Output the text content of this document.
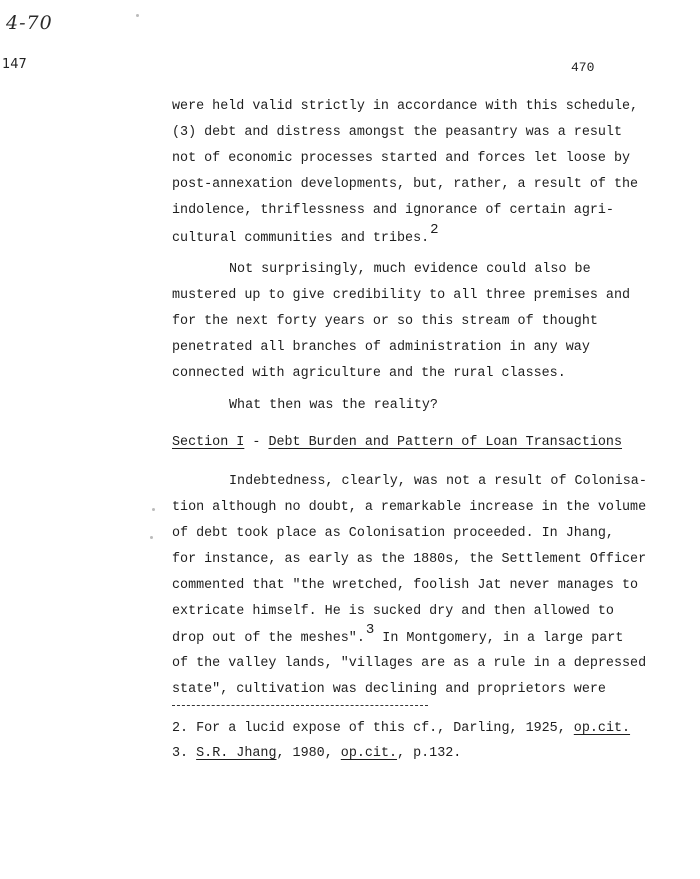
4-70
147	470
were held valid strictly in accordance with this schedule,
(3) debt and distress amongst the peasantry was a result
not of economic processes started and forces let loose by
post-annexation developments, but, rather, a result of the
indolence, thriflessness and ignorance of certain agri-
cultural communities and tribes.2
Not surprisingly, much evidence could also be
mustered up to give credibility to all three premises and
for the next forty years or so this stream of thought
penetrated all branches of administration in any way
connected with agriculture and the rural classes.
What then was the reality?
Section I - Debt Burden and Pattern of Loan Transactions
Indebtedness, clearly, was not a result of Colonisa-
tion although no doubt, a remarkable increase in the volume
of debt took place as Colonisation proceeded. In Jhang,
for instance, as early as the 1880s, the Settlement Officer
commented that "the wretched, foolish Jat never manages to
extricate himself. He is sucked dry and then allowed to
drop out of the meshes".3 In Montgomery, in a large part
of the valley lands, "villages are as a rule in a depressed
state", cultivation was declining and proprietors were
2. For a lucid expose of this cf., Darling, 1925, op.cit.
3. S.R. Jhang, 1980, op.cit., p.132.
